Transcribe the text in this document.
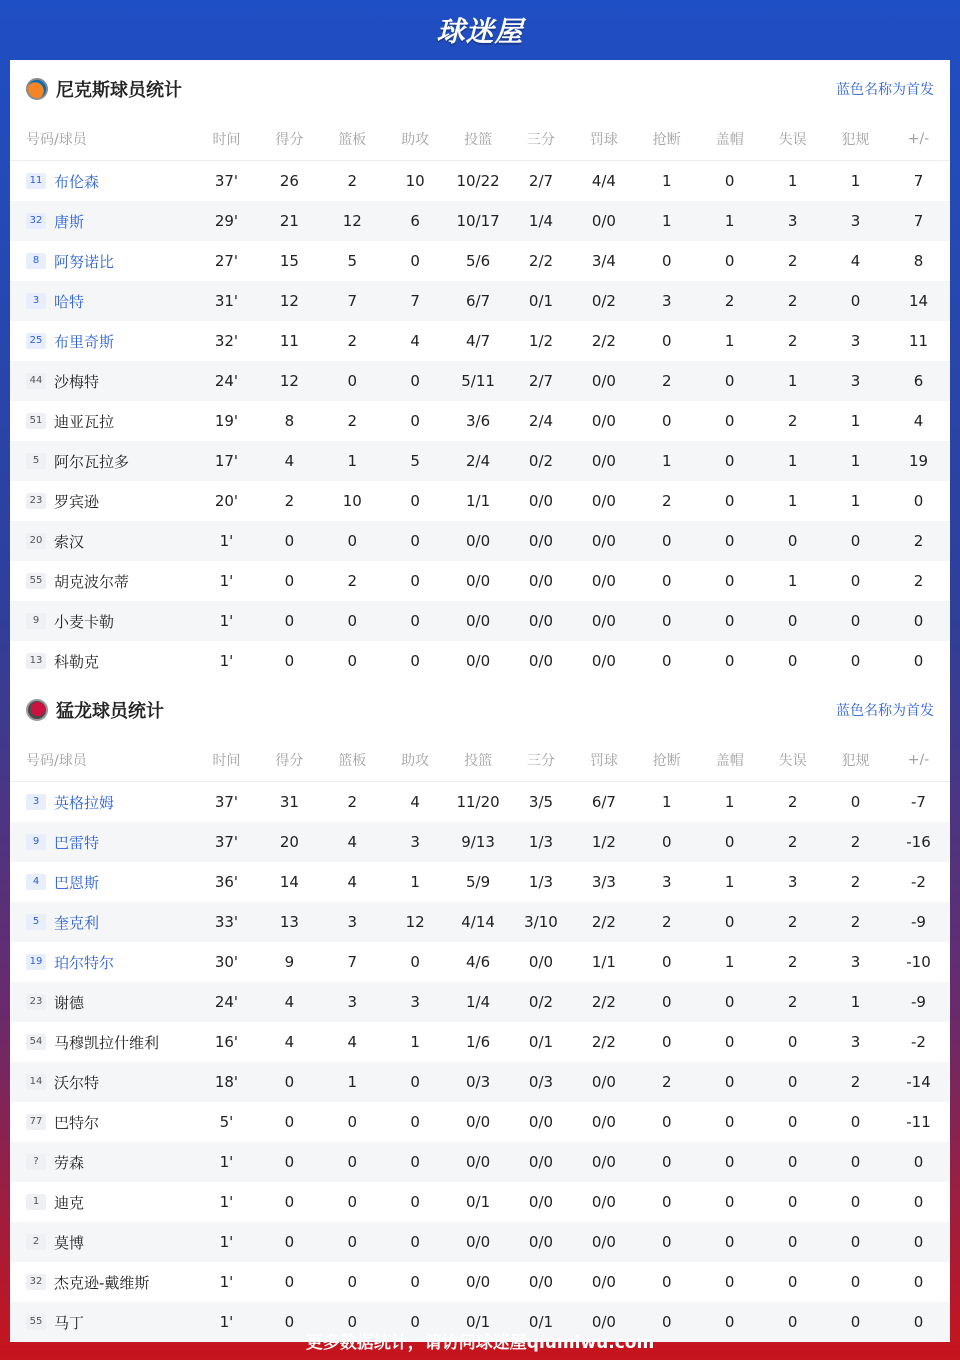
球迷屋
尼克斯球员统计	蓝色名称为首发
号码/球员	时间	得分	篮板	助攻	投篮	三分	罚球	抢断	盖帽	失误	犯规	+/-
11 布伦森	37'	26	2	10	10/22	2/7	4/4	1	0	1	1	7
32 唐斯	29'	21	12	6	10/17	1/4	0/0	1	1	3	3	7
8 阿努诺比	27'	15	5	0	5/6	2/2	3/4	0	0	2	4	8
3 哈特	31'	12	7	7	6/7	0/1	0/2	3	2	2	0	14
25 布里奇斯	32'	11	2	4	4/7	1/2	2/2	0	1	2	3	11
44 沙梅特	24'	12	0	0	5/11	2/7	0/0	2	0	1	3	6
51 迪亚瓦拉	19'	8	2	0	3/6	2/4	0/0	0	0	2	1	4
5 阿尔瓦拉多	17'	4	1	5	2/4	0/2	0/0	1	0	1	1	19
23 罗宾逊	20'	2	10	0	1/1	0/0	0/0	2	0	1	1	0
20 索汉	1'	0	0	0	0/0	0/0	0/0	0	0	0	0	2
55 胡克波尔蒂	1'	0	2	0	0/0	0/0	0/0	0	0	1	0	2
9 小麦卡勒	1'	0	0	0	0/0	0/0	0/0	0	0	0	0	0
13 科勒克	1'	0	0	0	0/0	0/0	0/0	0	0	0	0	0
猛龙球员统计	蓝色名称为首发
号码/球员	时间	得分	篮板	助攻	投篮	三分	罚球	抢断	盖帽	失误	犯规	+/-
3 英格拉姆	37'	31	2	4	11/20	3/5	6/7	1	1	2	0	-7
9 巴雷特	37'	20	4	3	9/13	1/3	1/2	0	0	2	2	-16
4 巴恩斯	36'	14	4	1	5/9	1/3	3/3	3	1	3	2	-2
5 奎克利	33'	13	3	12	4/14	3/10	2/2	2	0	2	2	-9
19 珀尔特尔	30'	9	7	0	4/6	0/0	1/1	0	1	2	3	-10
23 谢德	24'	4	3	3	1/4	0/2	2/2	0	0	2	1	-9
54 马穆凯拉什维利	16'	4	4	1	1/6	0/1	2/2	0	0	0	3	-2
14 沃尔特	18'	0	1	0	0/3	0/3	0/0	2	0	0	2	-14
77 巴特尔	5'	0	0	0	0/0	0/0	0/0	0	0	0	0	-11
? 劳森	1'	0	0	0	0/0	0/0	0/0	0	0	0	0	0
1 迪克	1'	0	0	0	0/1	0/0	0/0	0	0	0	0	0
2 莫博	1'	0	0	0	0/0	0/0	0/0	0	0	0	0	0
32 杰克逊-戴维斯	1'	0	0	0	0/0	0/0	0/0	0	0	0	0	0
55 马丁	1'	0	0	0	0/1	0/1	0/0	0	0	0	0	0
更多数据统计，请访问球迷屋qiumiwu.com
